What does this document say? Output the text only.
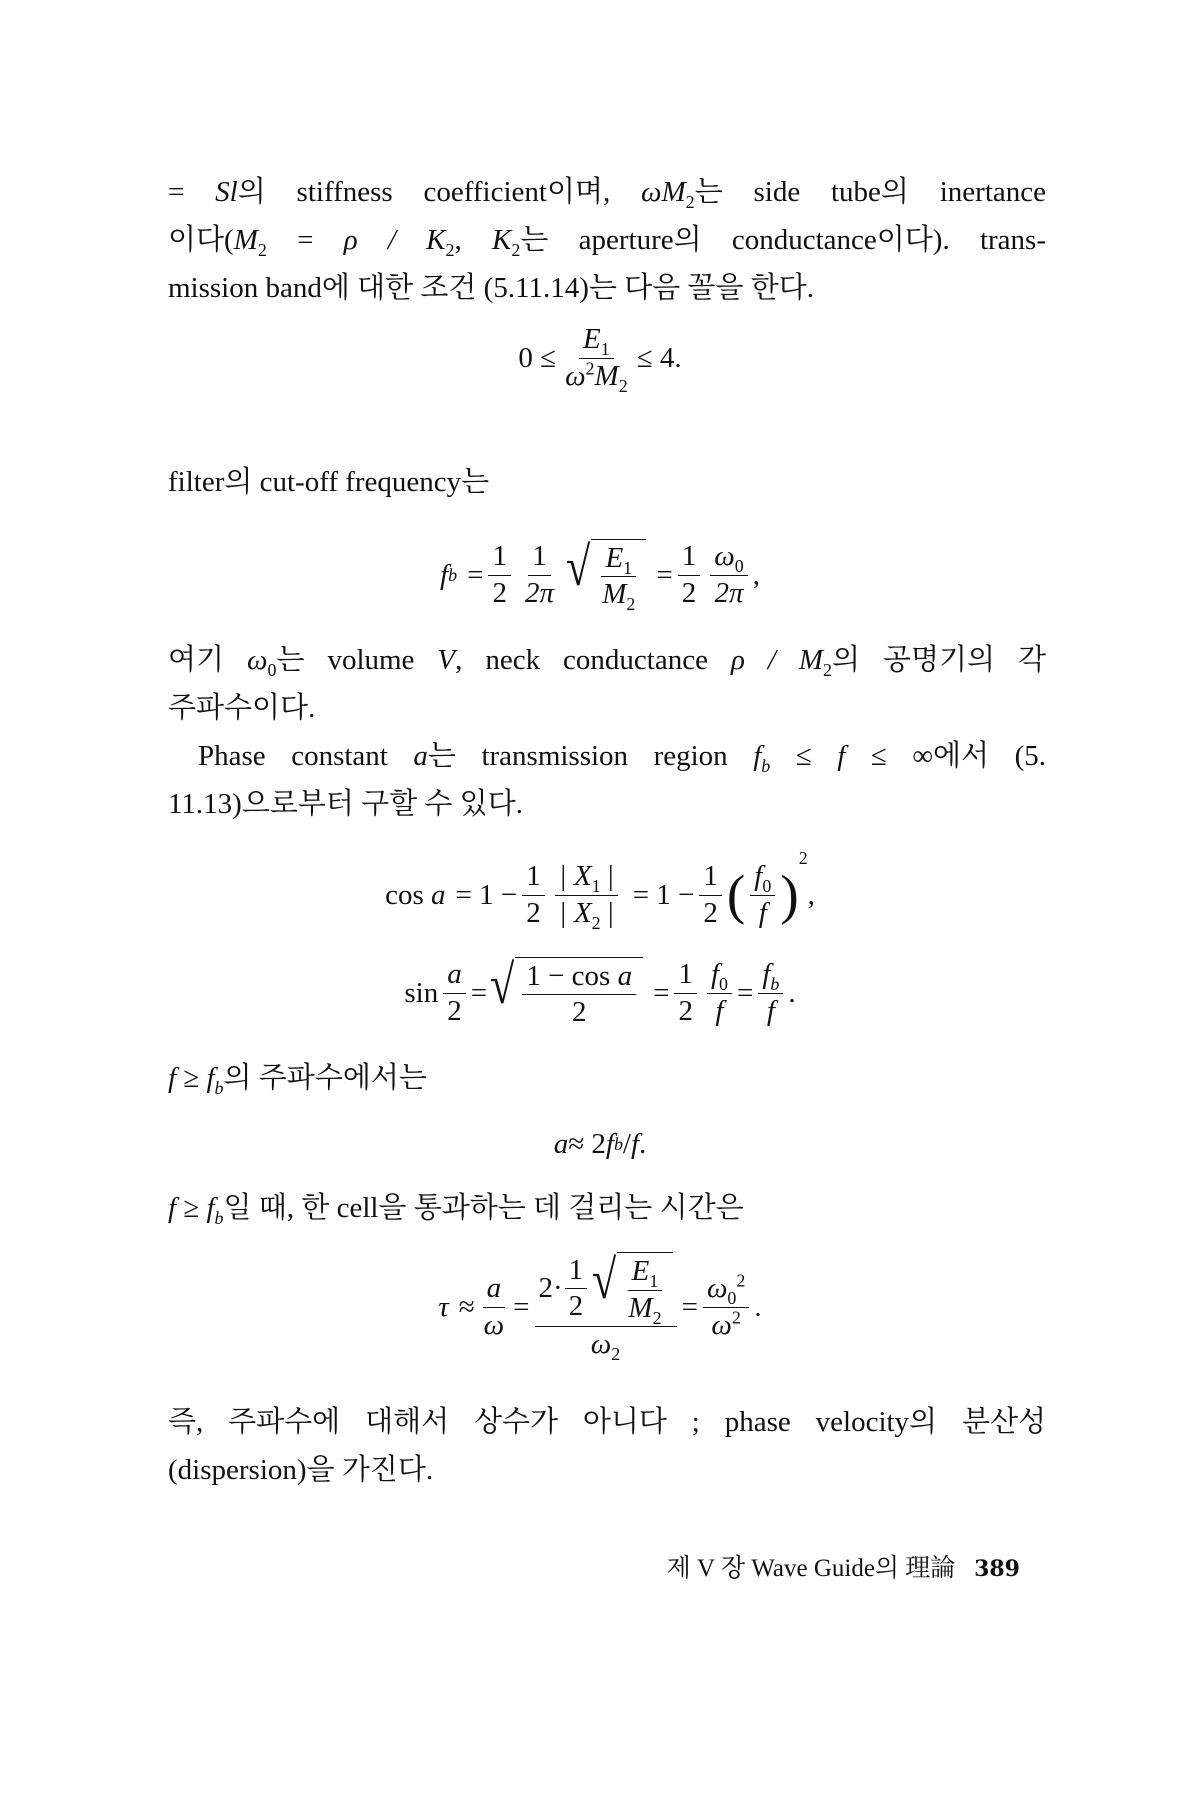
= Sl의 stiffness coefficient이며, $\omega M_2$는 side tube의 inertance
이다($M_2 = \rho / K_2$, $K_2$는 aperture의 conductance이다). trans-
mission band에 대한 조건 (5.11.14)는 다음 꼴을 한다.
$0 \le \frac{E_1}{\omega^2M_2} \le 4$.
filter의 cut-off frequency는
f $b = \frac{1}{2} \frac{1}{2\pi}$ √ $\frac{E_1}{M_2} = \frac{1}{2} \frac{\omega_0}{2\pi}$ ,
여기 $\omega_0$는 volume V, neck conductance ρ / $M_2$의 공명기의 각
주파수이다.
Phase constant a는 transmission region $f_b \le f$ ≤ ∞에서 (5.
11.13)으로부터 구할 수 있다.
cos
$a = 1 - \frac{1}{2} \frac{| X_1 |}{| X_2 |} = 1 - \frac{1}{2}$ ( $\frac{f_0}{f}$ )
2
,
$\sin \frac{a}{2}$ = √ $\frac{\text{1 − cos a}}{2} = \frac{1}{2} \frac{f_0}{f} = \frac{f_b}{f}$ .
$f \ge f_b$의 주파수에서는
a ≈ 2 f b / f .
$f \ge f_b$일 때, 한 cell을 통과하는 데 걸리는 시간은
$\tau \approx \frac{a}{\omega} = \frac{2\cdot \frac{1}{2} √ \frac{E_1}{M_2}}{\omega_2} = \frac{\omega_0^2}{\omega^2}$ .
즉, 주파수에 대해서 상수가 아니다 ; phase velocity의 분산성
(dispersion)을 가진다.
제 V 장 Wave Guide의 理論 389
